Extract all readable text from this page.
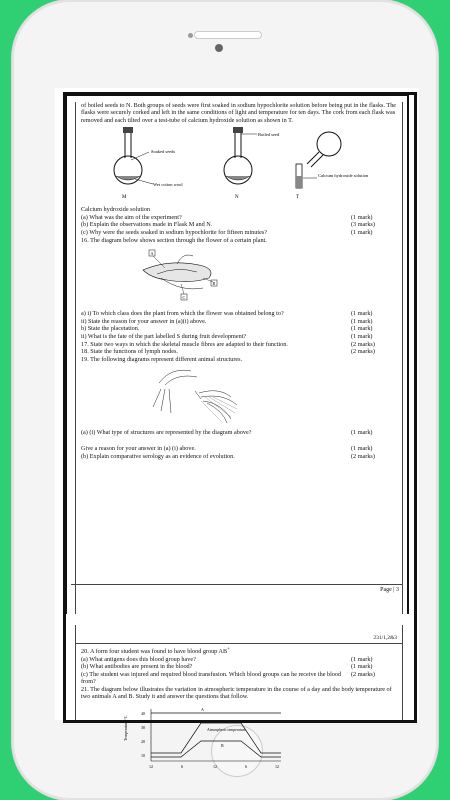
of boiled seeds to N. Both groups of seeds were first soaked in sodium hypochlorite solution before being put in the flasks. The flasks were securely corked and left in the same conditions of light and temperature for ten days. The cork from each flask was removed and each tilted over a test-tube of calcium hydroxide solution as shown in T.

Soaked seeds
Wet cotton wool
M
Boiled seed
N
Calcium hydroxide solution
T
Calcium hydroxide solution
(a) What was the aim of the experiment?	(1 mark)
(b) Explain the observations made in Flask M and N.	(3 marks)
(c) Why were the seeds soaked in sodium hypochlorite for fifteen minutes?	(1 mark)
16. The diagram below shows section through the flower of a certain plant.
A
B
C
a) i) To which class does the plant from which the flower was obtained belong to?	(1 mark)
ii) State the reason for your answer in (a)(i) above.	(1 mark)
b) State the placetation.	(1 mark)
ii) What is the fate of the part labelled S during fruit development?	(1 mark)
17. State two ways in which the skeletal muscle fibres are adapted to their function.	(2 marks)
18. State the functions of lymph nodes.	(2 marks)
19. The following diagrams represent different animal structures.
(a) (i) What type of structures are represented by the diagram above?	(1 mark)
Give a reason for your answer in (a) (i) above.	(1 mark)
(b) Explain comparative serology as an evidence of evolution.	(2 marks)
Page | 3
231/1,2&3
20. A form four student was found to have blood group AB+
(a) What antigens does this blood group have?	(1 mark)
(b) What antibodies are present in the blood?	(1 mark)
(c) The student was injured and required blood transfusion. Which blood groups can he receive the blood from?
(2 marks)

21. The diagram below illustrates the variation in atmospheric temperature in the course of a day and the body temperature of two animals A and B. Study it and answer the questions that follow.

Temperature °C
40
30
20
10
A
Atmospheric temperature
B
12	6	12	6	12
